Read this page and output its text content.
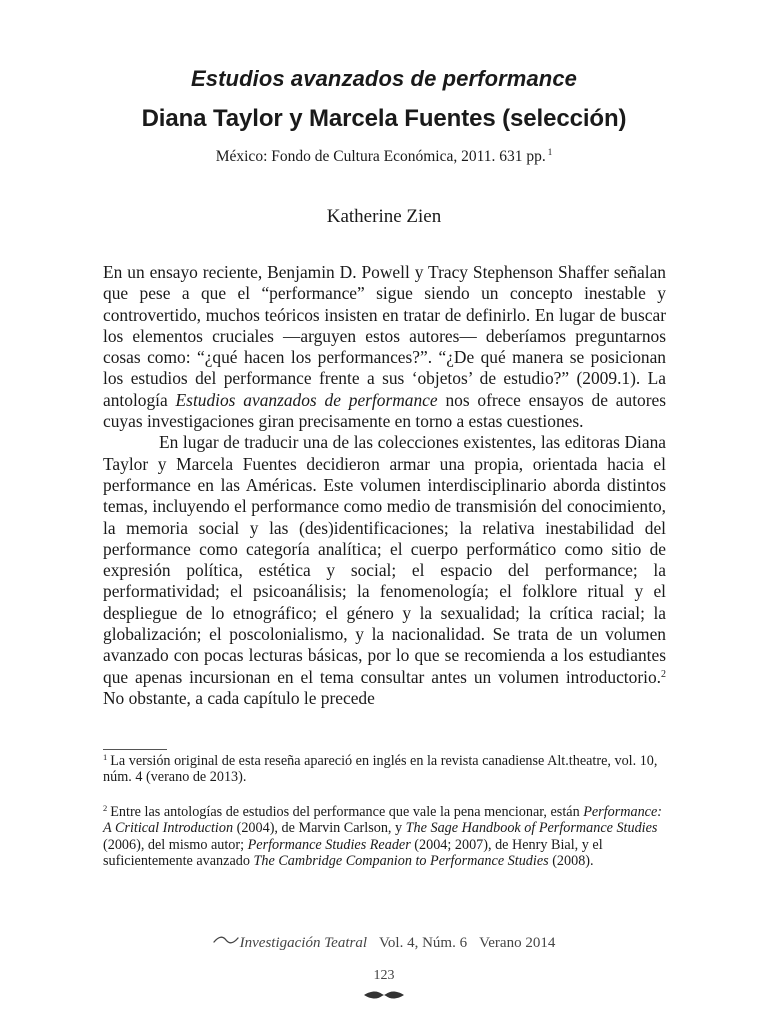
Estudios avanzados de performance
Diana Taylor y Marcela Fuentes (selección)
México: Fondo de Cultura Económica, 2011. 631 pp. $^1$
Katherine Zien

En un ensayo reciente, Benjamin D. Powell y Tracy Stephenson Shaffer señalan que pese a que el “performance” sigue siendo un concepto inestable y controvertido, muchos teóricos insisten en tratar de definirlo. En lugar de buscar los elementos cruciales —arguyen estos autores— deberíamos preguntarnos cosas como: “¿qué hacen los performances?”. “¿De qué manera se posicionan los estudios del performance frente a sus ‘objetos’ de estudio?” (2009.1). La antología Estudios avanzados de performance nos ofrece ensayos de autores cuyas investigaciones giran precisamente en torno a estas cuestiones.

En lugar de traducir una de las colecciones existentes, las editoras Diana Taylor y Marcela Fuentes decidieron armar una propia, orientada hacia el performance en las Américas. Este volumen interdisciplinario aborda distintos temas, incluyendo el performance como medio de transmisión del conocimiento, la memoria social y las (des)identificaciones; la relativa inestabilidad del performance como categoría analítica; el cuerpo performático como sitio de expresión política, estética y social; el espacio del performance; la performatividad; el psicoanálisis; la fenomenología; el folklore ritual y el despliegue de lo etnográfico; el género y la sexualidad; la crítica racial; la globalización; el poscolonialismo, y la nacionalidad. Se trata de un volumen avanzado con pocas lecturas básicas, por lo que se recomienda a los estudiantes que apenas incursionan en el tema consultar antes un volumen introductorio.$^2$ No obstante, a cada capítulo le precede

$^1$ La versión original de esta reseña apareció en inglés en la revista canadiense Alt.theatre, vol. 10, núm. 4 (verano de 2013).
$^2$ Entre las antologías de estudios del performance que vale la pena mencionar, están Performance: A Critical Introduction (2004), de Marvin Carlson, y The Sage Handbook of Performance Studies (2006), del mismo autor; Performance Studies Reader (2004; 2007), de Henry Bial, y el suficientemente avanzado The Cambridge Companion to Performance Studies (2008).
Investigación Teatral Vol. 4, Núm. 6 Verano 2014
123
